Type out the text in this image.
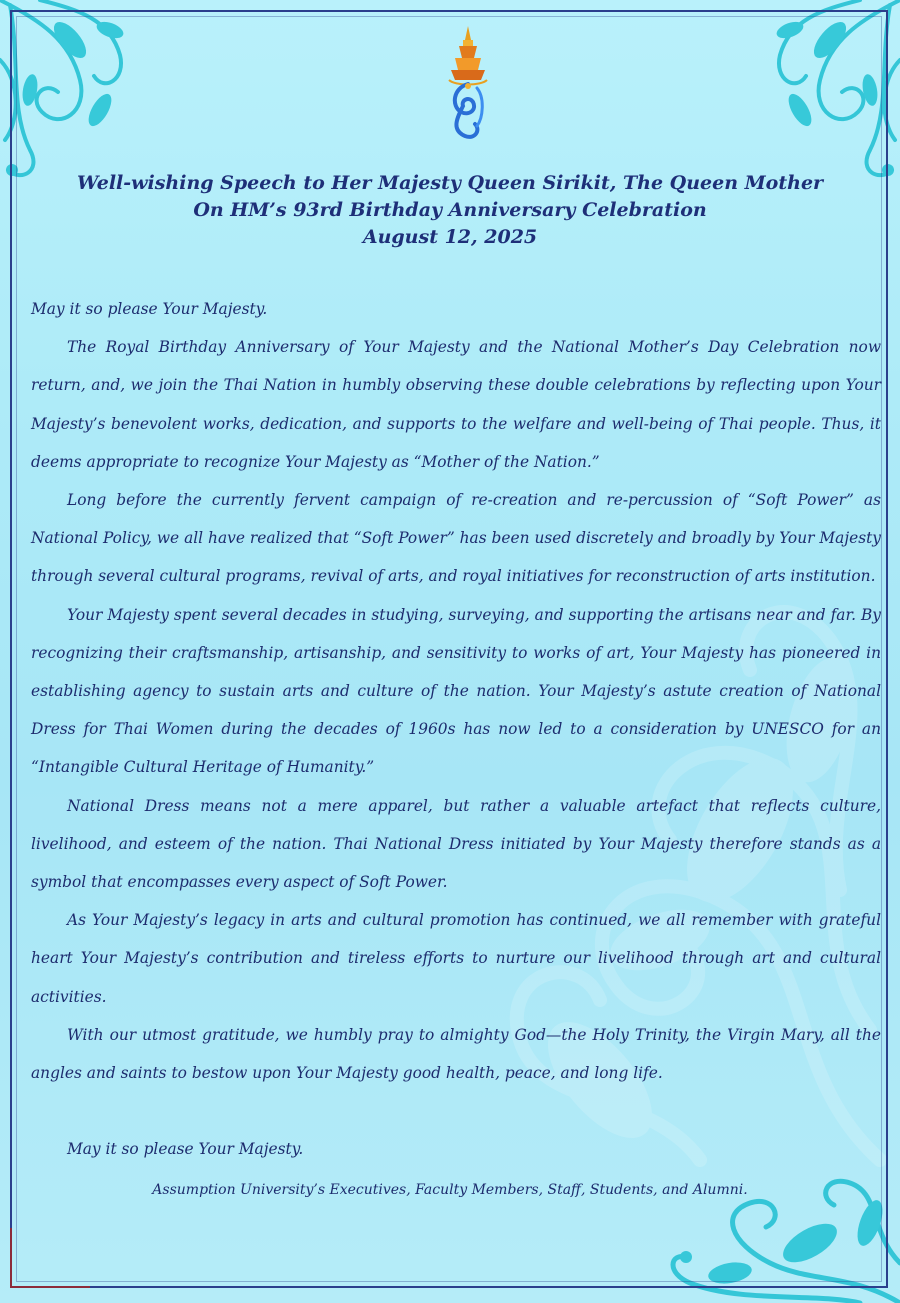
Well-wishing Speech to Her Majesty Queen Sirikit, The Queen Mother
On HM’s 93rd Birthday Anniversary Celebration
August 12, 2025

May it so please Your Majesty.

The Royal Birthday Anniversary of Your Majesty and the National Mother’s Day Celebration now return, and, we join the Thai Nation in humbly observing these double celebrations by reflecting upon Your Majesty’s benevolent works, dedication, and supports to the welfare and well-being of Thai people. Thus, it deems appropriate to recognize Your Majesty as “Mother of the Nation.”

Long before the currently fervent campaign of re-creation and re-percussion of “Soft Power” as National Policy, we all have realized that “Soft Power” has been used discretely and broadly by Your Majesty through several cultural programs, revival of arts, and royal initiatives for reconstruction of arts institution.

Your Majesty spent several decades in studying, surveying, and supporting the artisans near and far. By recognizing their craftsmanship, artisanship, and sensitivity to works of art, Your Majesty has pioneered in establishing agency to sustain arts and culture of the nation. Your Majesty’s astute creation of National Dress for Thai Women during the decades of 1960s has now led to a consideration by UNESCO for an “Intangible Cultural Heritage of Humanity.”

National Dress means not a mere apparel, but rather a valuable artefact that reflects culture, livelihood, and esteem of the nation. Thai National Dress initiated by Your Majesty therefore stands as a symbol that encompasses every aspect of Soft Power.

As Your Majesty’s legacy in arts and cultural promotion has continued, we all remember with grateful heart Your Majesty’s contribution and tireless efforts to nurture our livelihood through art and cultural activities.

With our utmost gratitude, we humbly pray to almighty God—the Holy Trinity, the Virgin Mary, all the angles and saints to bestow upon Your Majesty good health, peace, and long life.

May it so please Your Majesty.

Assumption University’s Executives, Faculty Members, Staff, Students, and Alumni.
